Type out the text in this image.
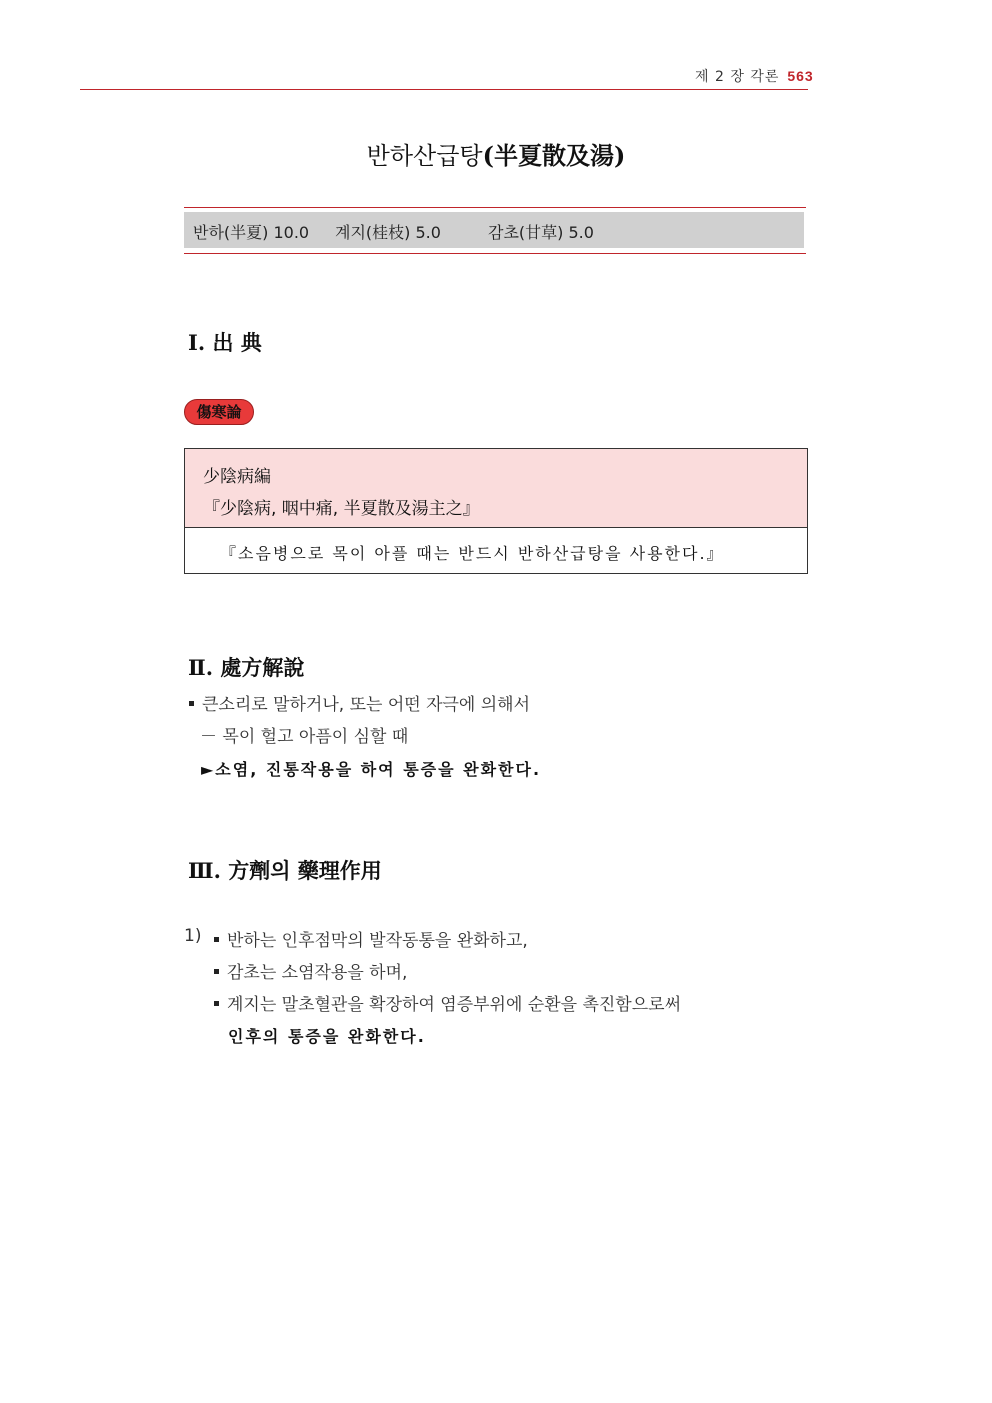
제 2 장 각론 563
반하산급탕(半夏散及湯)
반하(半夏) 10.0 계지(桂枝) 5.0	감초(甘草) 5.0
Ⅰ. 出 典
傷寒論
少陰病編
『少陰病, 咽中痛, 半夏散及湯主之』
『소음병으로 목이 아플 때는 반드시 반하산급탕을 사용한다.』
Ⅱ. 處方解說
큰소리로 말하거나, 또는 어떤 자극에 의해서
－ 목이 헐고 아픔이 심할 때
►소염, 진통작용을 하여 통증을 완화한다.
Ⅲ. 方劑의 藥理作用
1)	반하는 인후점막의 발작동통을 완화하고,
감초는 소염작용을 하며,
계지는 말초혈관을 확장하여 염증부위에 순환을 촉진함으로써
인후의 통증을 완화한다.
